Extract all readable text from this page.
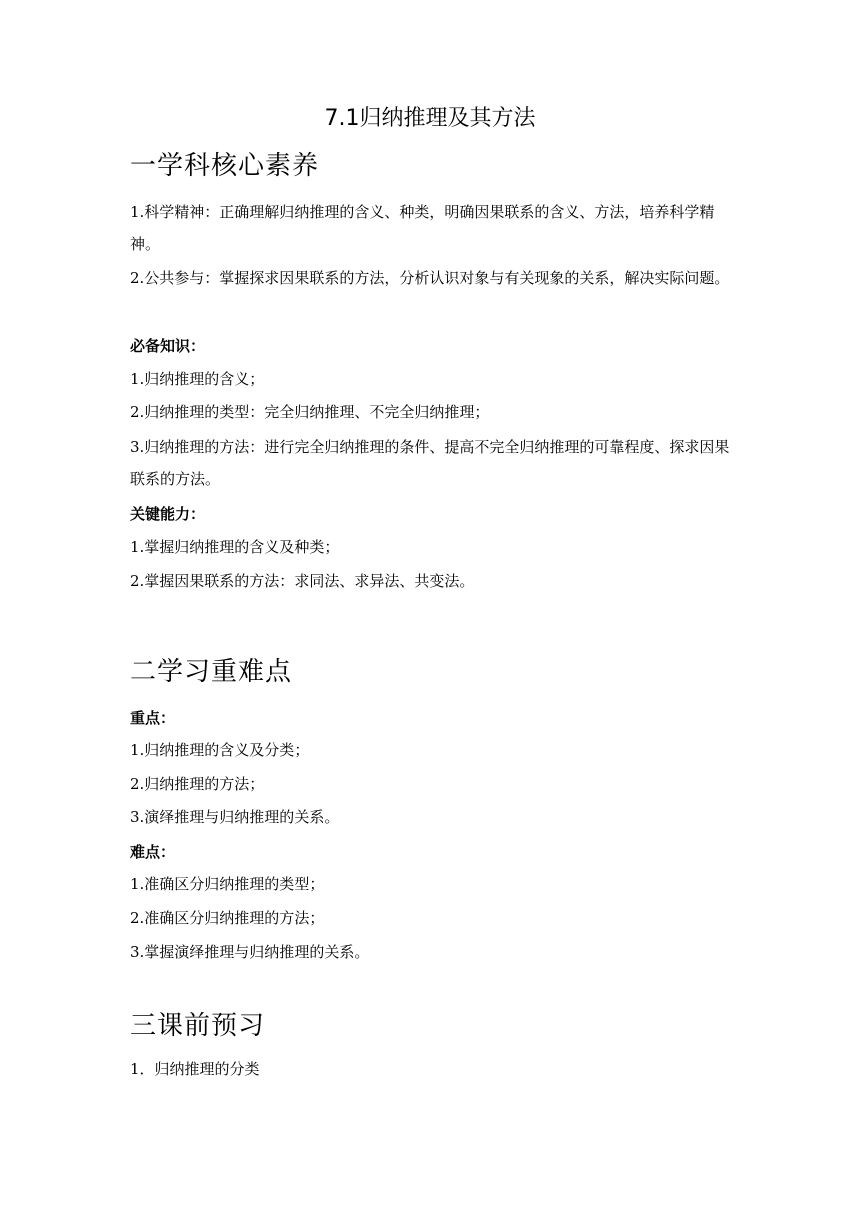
7.1归纳推理及其方法
一学科核心素养
1.科学精神：正确理解归纳推理的含义、种类，明确因果联系的含义、方法，培养科学精神。
2.公共参与：掌握探求因果联系的方法，分析认识对象与有关现象的关系，解决实际问题。
必备知识：
1.归纳推理的含义；
2.归纳推理的类型：完全归纳推理、不完全归纳推理；
3.归纳推理的方法：进行完全归纳推理的条件、提高不完全归纳推理的可靠程度、探求因果联系的方法。
关键能力：
1.掌握归纳推理的含义及种类；
2.掌握因果联系的方法：求同法、求异法、共变法。
二学习重难点
重点：
1.归纳推理的含义及分类；
2.归纳推理的方法；
3.演绎推理与归纳推理的关系。
难点：
1.准确区分归纳推理的类型；
2.准确区分归纳推理的方法；
3.掌握演绎推理与归纳推理的关系。
三课前预习
1．归纳推理的分类
